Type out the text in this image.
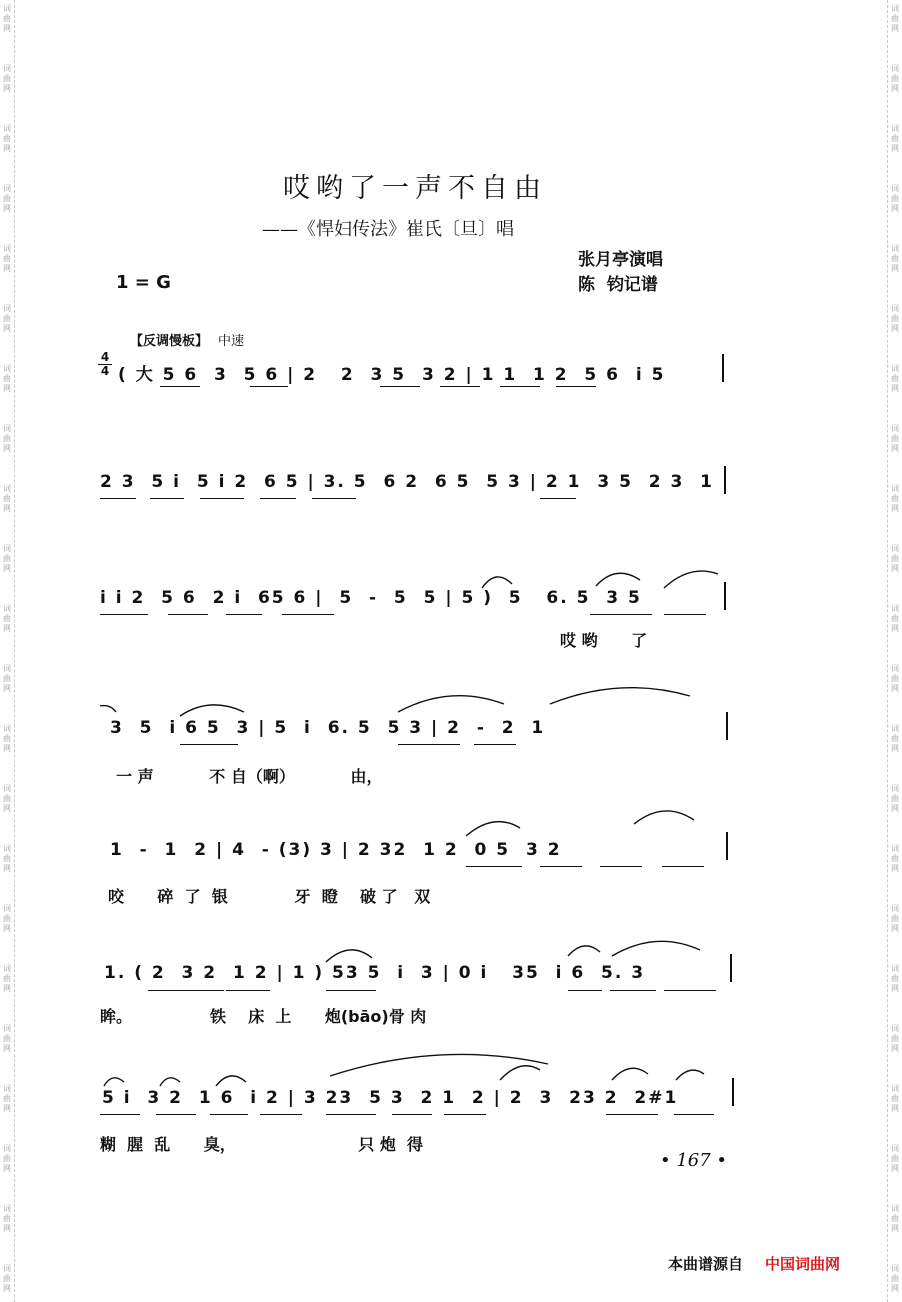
词
曲
网
词
曲
网
词
曲
网
词
曲
网
词
曲
网
词
曲
网
词
曲
网
词
曲
网
词
曲
网
词
曲
网
词
曲
网
词
曲
网
词
曲
网
词
曲
网
词
曲
网
词
曲
网
词
曲
网
词
曲
网
词
曲
网
词
曲
网
词
曲
网
词
曲
网
词
曲
网
词
曲
网
词
曲
网
词
曲
网
词
曲
网
词
曲
网
词
曲
网
词
曲
网
词
曲
网
词
曲
网
词
曲
网
词
曲
网
词
曲
网
词
曲
网
词
曲
网
词
曲
网
词
曲
网
词
曲
网
词
曲
网
词
曲
网
词
曲
网
词
曲
网
哎哟了一声不自由
——《悍妇传法》崔氏〔旦〕唱
张月亭演唱
陈  钧记谱
1 = G
【反调慢板】 中速
4
4 ( 大 5 6  3  5 6 | 2   2  3 5  3 2 | 1 1  1 2  5 6  i 5
2 3  5 i  5 i 2  6 5 | 3. 5  6 2  6 5  5 3 | 2 1  3 5  2 3  1
i i 2  5 6  2 i  65 6 |  5  -  5  5 | 5 )  5   6. 5  3 5
哎 哟      了
3  5  i 6 5  3 | 5  i  6. 5  5 3 | 2  -  2  1
一 声          不 自（啊）          由，
1  -  1  2 | 4  - (3) 3 | 2 32  1 2  0 5  3 2
咬      碎  了  银            牙  瞪    破 了   双
1. ( 2  3 2  1 2 | 1 ) 53 5  i  3 | 0 i   35  i 6  5. 3
眸。              铁    床  上      炮(bāo)骨 肉
5 i  3 2  1 6  i 2 | 3 23  5 3  2 1  2 | 2  3  23 2  2#1
糊  腥  乱      臭，                      只 炮  得
• 167 •
本曲谱源自 中国词曲网
